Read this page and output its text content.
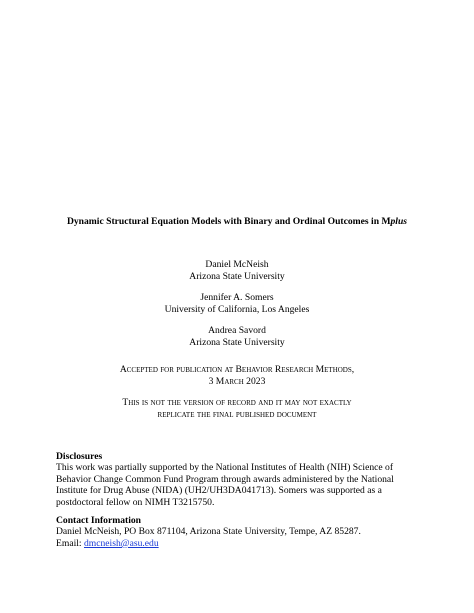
Dynamic Structural Equation Models with Binary and Ordinal Outcomes in Mplus
Daniel McNeish
Arizona State University
Jennifer A. Somers
University of California, Los Angeles
Andrea Savord
Arizona State University
Accepted for publication at Behavior Research Methods,
3 March 2023
This is not the version of record and it may not exactly
replicate the final published document
Disclosures
This work was partially supported by the National Institutes of Health (NIH) Science of
Behavior Change Common Fund Program through awards administered by the National
Institute for Drug Abuse (NIDA) (UH2/UH3DA041713). Somers was supported as a
postdoctoral fellow on NIMH T3215750.
Contact Information
Daniel McNeish, PO Box 871104, Arizona State University, Tempe, AZ 85287.
Email: dmcneish@asu.edu
